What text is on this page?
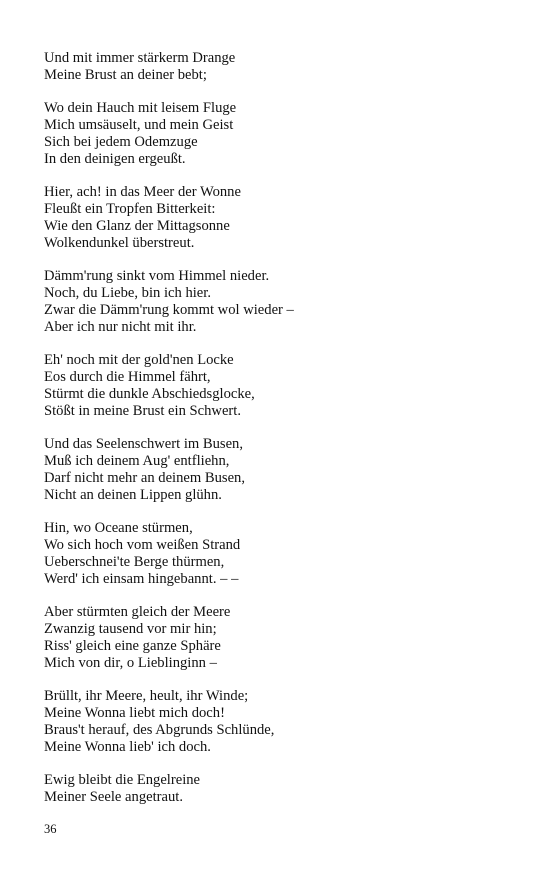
Und mit immer stärkerm Drange
Meine Brust an deiner bebt;
Wo dein Hauch mit leisem Fluge
Mich umsäuselt, und mein Geist
Sich bei jedem Odemzuge
In den deinigen ergeußt.
Hier, ach! in das Meer der Wonne
Fleußt ein Tropfen Bitterkeit:
Wie den Glanz der Mittagsonne
Wolkendunkel überstreut.
Dämm'rung sinkt vom Himmel nieder.
Noch, du Liebe, bin ich hier.
Zwar die Dämm'rung kommt wol wieder –
Aber ich nur nicht mit ihr.
Eh' noch mit der gold'nen Locke
Eos durch die Himmel fährt,
Stürmt die dunkle Abschiedsglocke,
Stößt in meine Brust ein Schwert.
Und das Seelenschwert im Busen,
Muß ich deinem Aug' entfliehn,
Darf nicht mehr an deinem Busen,
Nicht an deinen Lippen glühn.
Hin, wo Oceane stürmen,
Wo sich hoch vom weißen Strand
Ueberschnei'te Berge thürmen,
Werd' ich einsam hingebannt. – –
Aber stürmten gleich der Meere
Zwanzig tausend vor mir hin;
Riss' gleich eine ganze Sphäre
Mich von dir, o Lieblinginn –
Brüllt, ihr Meere, heult, ihr Winde;
Meine Wonna liebt mich doch!
Braus't herauf, des Abgrunds Schlünde,
Meine Wonna lieb' ich doch.
Ewig bleibt die Engelreine
Meiner Seele angetraut.
36
